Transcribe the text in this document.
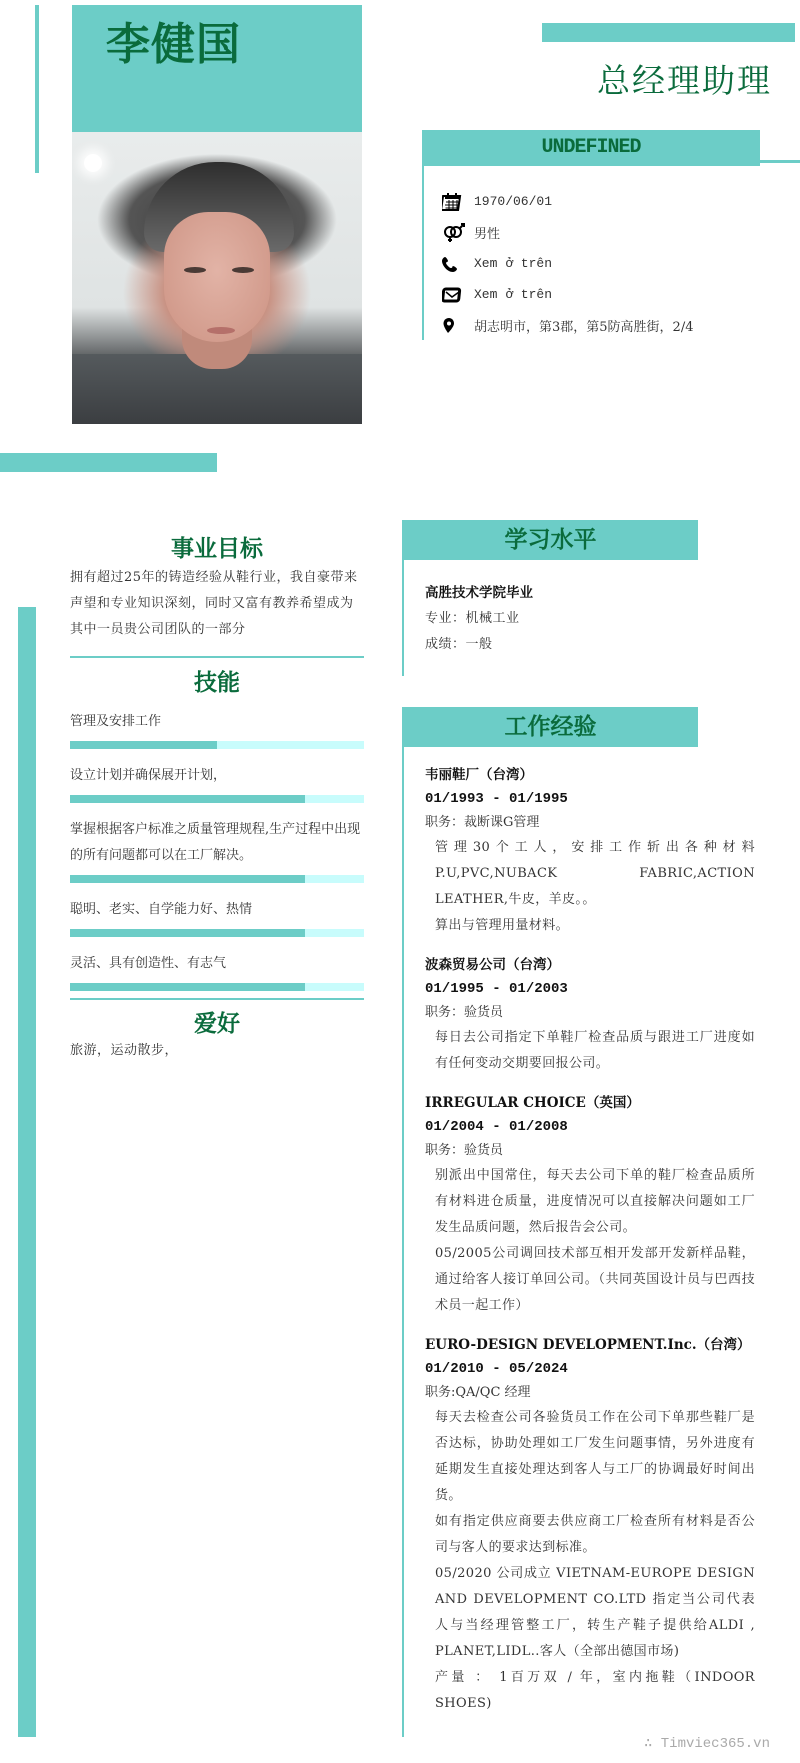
李健国
总经理助理
UNDEFINED
1970/06/01
男性
Xem ở trên
Xem ở trên
胡志明市，第3郡，第5防高胜街，2/4
事业目标
拥有超过25年的铸造经验从鞋行业，我自豪带来声望和专业知识深刻，同时又富有教养希望成为其中一员贵公司团队的一部分
技能
管理及安排工作
设立计划并确保展开计划，
掌握根据客户标准之质量管理规程,生产过程中出现的所有问题都可以在工厂解决。
聪明、老实、自学能力好、热情
灵活、具有创造性、有志气
爱好
旅游，运动散步，
学习水平
高胜技术学院毕业
专业：机械工业
成绩：一般
工作经验
韦丽鞋厂（台湾）
01/1993 - 01/1995
职务：裁断课G管理
管理30个工人，安排工作斩出各种材料P.U,PVC,NUBACK FABRIC,ACTION LEATHER,牛皮，羊皮。。
算出与管理用量材料。
波森贸易公司（台湾）
01/1995 - 01/2003
职务：验货员
每日去公司指定下单鞋厂检查品质与跟进工厂进度如有任何变动交期要回报公司。
IRREGULAR CHOICE（英国）
01/2004 - 01/2008
职务：验货员
别派出中国常住，每天去公司下单的鞋厂检查品质所有材料进仓质量，进度情况可以直接解决问题如工厂发生品质问题，然后报告会公司。
05/2005公司调回技术部互相开发部开发新样品鞋，通过给客人接订单回公司。（共同英国设计员与巴西技术员一起工作）
EURO-DESIGN DEVELOPMENT.Inc.（台湾）
01/2010 - 05/2024
职务:QA/QC 经理
每天去检查公司各验货员工作在公司下单那些鞋厂是否达标，协助处理如工厂发生问题事情，另外进度有延期发生直接处理达到客人与工厂的协调最好时间出货。
如有指定供应商要去供应商工厂检查所有材料是否公司与客人的要求达到标准。
05/2020 公司成立 VIETNAM-EUROPE DESIGN AND DEVELOPMENT CO.LTD 指定当公司代表人与当经理管整工厂，转生产鞋子提供给ALDI , PLANET,LIDL..客人（全部出德国市场)
产量 ： 1百万双 / 年，室内拖鞋（INDOOR SHOES)
∴ Timviec365.vn
